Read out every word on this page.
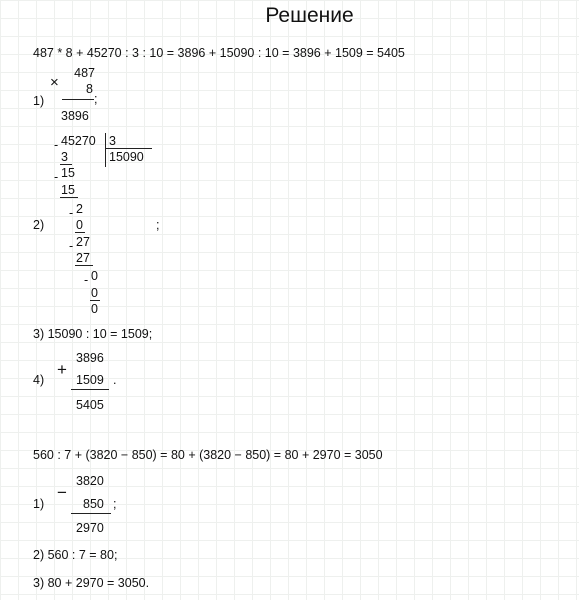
Решение
487 * 8 + 45270 : 3 : 10 = 3896 + 15090 : 10 = 3896 + 1509 = 5405
1)
×
487
8
;
3896
2)	;
- 45270 3
15090
3
- 15
15
- 2
0
- 27
27
- 0
0
0
3) 15090 : 10 = 1509;
4)
+
3896
1509 .
5405
560 : 7 + (3820 − 850) = 80 + (3820 − 850) = 80 + 2970 = 3050
1)
−
3820
850 ;
2970
2) 560 : 7 = 80;
3) 80 + 2970 = 3050.
